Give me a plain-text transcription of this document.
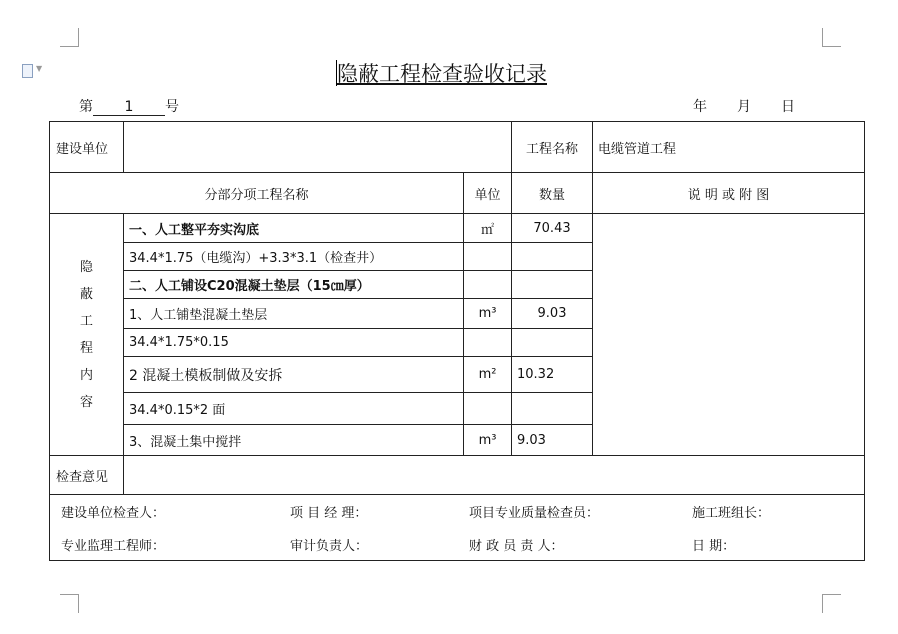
▼	隐蔽工程检查验收记录
第 1 号	年 月 日
建设单位		工程名称	电缆管道工程
分部分项工程名称	单位	数量	说 明 或 附 图

隐
蔽
工
程
内
容
	一、人工整平夯实沟底	㎡	70.43	
34.4*1.75（电缆沟）+3.3*3.1（检查井）		
二、人工铺设C20混凝土垫层（15㎝厚）		
1、人工铺垫混凝土垫层	m³	9.03
34.4*1.75*0.15		
2 混凝土模板制做及安拆	m²	10.32
34.4*0.15*2 面		
3、混凝土集中搅拌	m³	9.03
检查意见	

建设单位检查人：	项 目 经 理：	项目专业质量检查员：	施工班组长：
专业监理工程师：	审计负责人：	财 政 员 责 人：	日 期：
